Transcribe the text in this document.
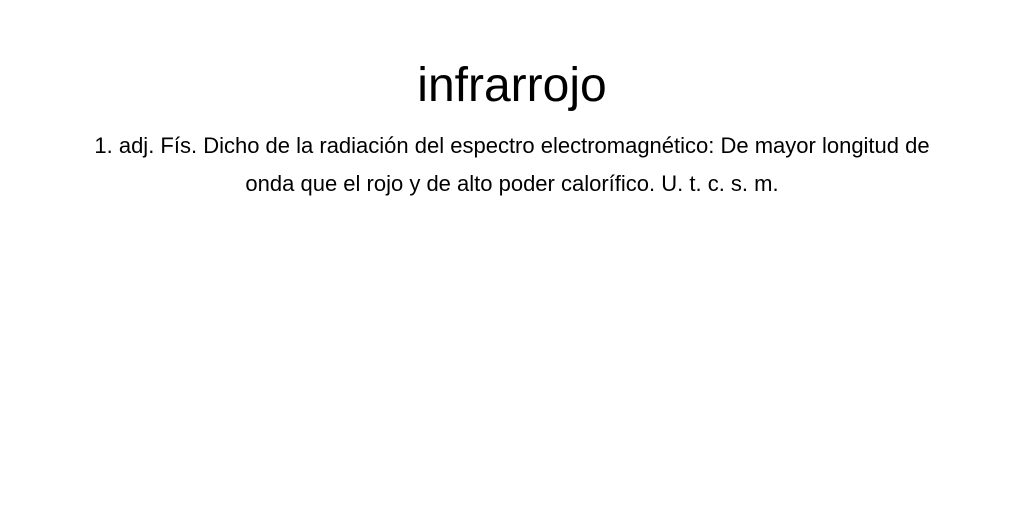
infrarrojo

1. adj. Fís. Dicho de la radiación del espectro electromagnético: De mayor longitud de onda que el rojo y de alto poder calorífico. U. t. c. s. m.
